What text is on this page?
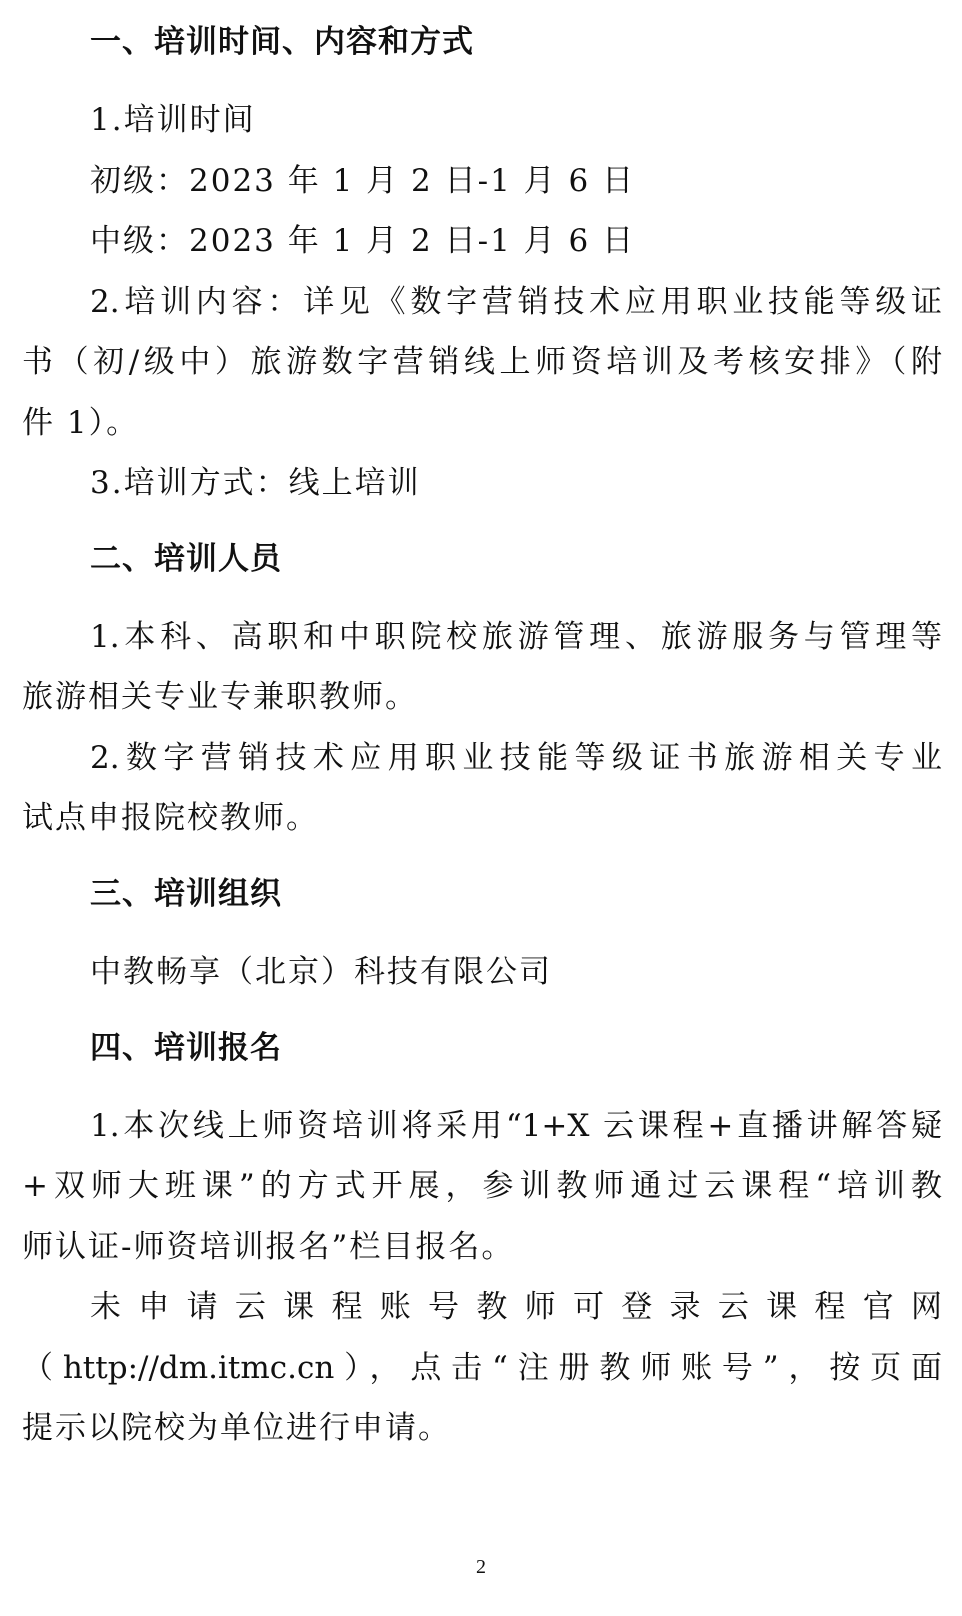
一、培训时间、内容和方式
1.培训时间
初级：2023 年 1 月 2 日-1 月 6 日
中级：2023 年 1 月 2 日-1 月 6 日
2.培训内容：详见《数字营销技术应用职业技能等级证
书（初/级中）旅游数字营销线上师资培训及考核安排》（附
件 1）。
3.培训方式：线上培训
二、培训人员
1.本科、高职和中职院校旅游管理、旅游服务与管理等
旅游相关专业专兼职教师。
2.数字营销技术应用职业技能等级证书旅游相关专业
试点申报院校教师。
三、培训组织
中教畅享（北京）科技有限公司
四、培训报名
1.本次线上师资培训将采用“1+X 云课程+直播讲解答疑
+双师大班课”的方式开展，参训教师通过云课程“培训教
师认证-师资培训报名”栏目报名。
未申请云课程账号教师可登录云课程官网
（http://dm.itmc.cn），点击“注册教师账号”，按页面
提示以院校为单位进行申请。
2
